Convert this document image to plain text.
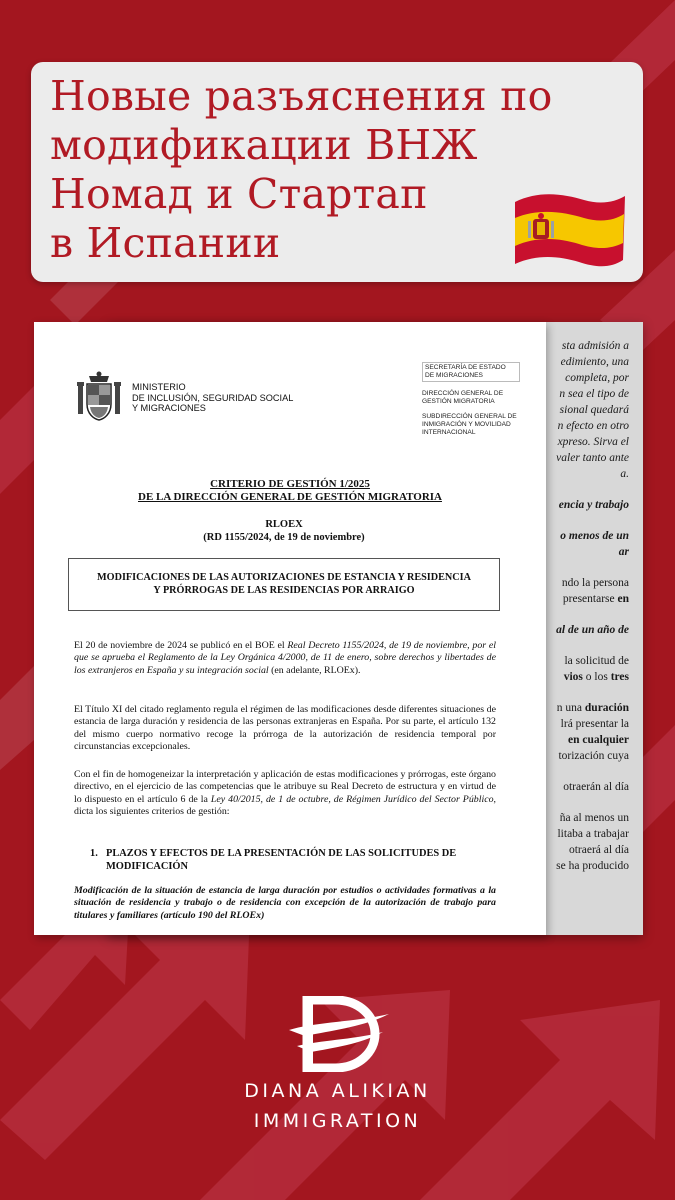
Новые разъяснения по
модификации ВНЖ
Номад и Стартап
в Испании
sta admisión a
edimiento, una
completa, por
n sea el tipo de
sional quedará
n efecto en otro
xpreso. Sirva el
valer tanto ante
a.
encia y trabajo
o menos de un
ar
ndo la persona
presentarse en
al de un año de
la solicitud de
vios o los tres
n una duración
lrá presentar la
en cualquier
torización cuya
otraerán al día
ña al menos un
litaba a trabajar
otraerá al día
se ha producido
MINISTERIO
DE INCLUSIÓN, SEGURIDAD SOCIAL
Y MIGRACIONES
SECRETARÍA DE ESTADO
DE MIGRACIONES
DIRECCIÓN GENERAL DE
GESTIÓN MIGRATORIA
SUBDIRECCIÓN GENERAL DE
INMIGRACIÓN Y MOVILIDAD
INTERNACIONAL
CRITERIO DE GESTIÓN 1/2025
DE LA DIRECCIÓN GENERAL DE GESTIÓN MIGRATORIA
RLOEX
(RD 1155/2024, de 19 de noviembre)
MODIFICACIONES DE LAS AUTORIZACIONES DE ESTANCIA Y RESIDENCIA
Y PRÓRROGAS DE LAS RESIDENCIAS POR ARRAIGO
El 20 de noviembre de 2024 se publicó en el BOE el Real Decreto 1155/2024, de 19 de noviembre, por el que se aprueba el Reglamento de la Ley Orgánica 4/2000, de 11 de enero, sobre derechos y libertades de los extranjeros en España y su integración social (en adelante, RLOEx).
El Título XI del citado reglamento regula el régimen de las modificaciones desde diferentes situaciones de estancia de larga duración y residencia de las personas extranjeras en España. Por su parte, el artículo 132 del mismo cuerpo normativo recoge la prórroga de la autorización de residencia temporal por circunstancias excepcionales.
Con el fin de homogeneizar la interpretación y aplicación de estas modificaciones y prórrogas, este órgano directivo, en el ejercicio de las competencias que le atribuye su Real Decreto de estructura y en virtud de lo dispuesto en el artículo 6 de la Ley 40/2015, de 1 de octubre, de Régimen Jurídico del Sector Público, dicta los siguientes criterios de gestión:
1. PLAZOS Y EFECTOS DE LA PRESENTACIÓN DE LAS SOLICITUDES DE MODIFICACIÓN
Modificación de la situación de estancia de larga duración por estudios o actividades formativas a la situación de residencia y trabajo o de residencia con excepción de la autorización de trabajo para titulares y familiares (artículo 190 del RLOEx)
DIANA ALIKIAN
IMMIGRATION
